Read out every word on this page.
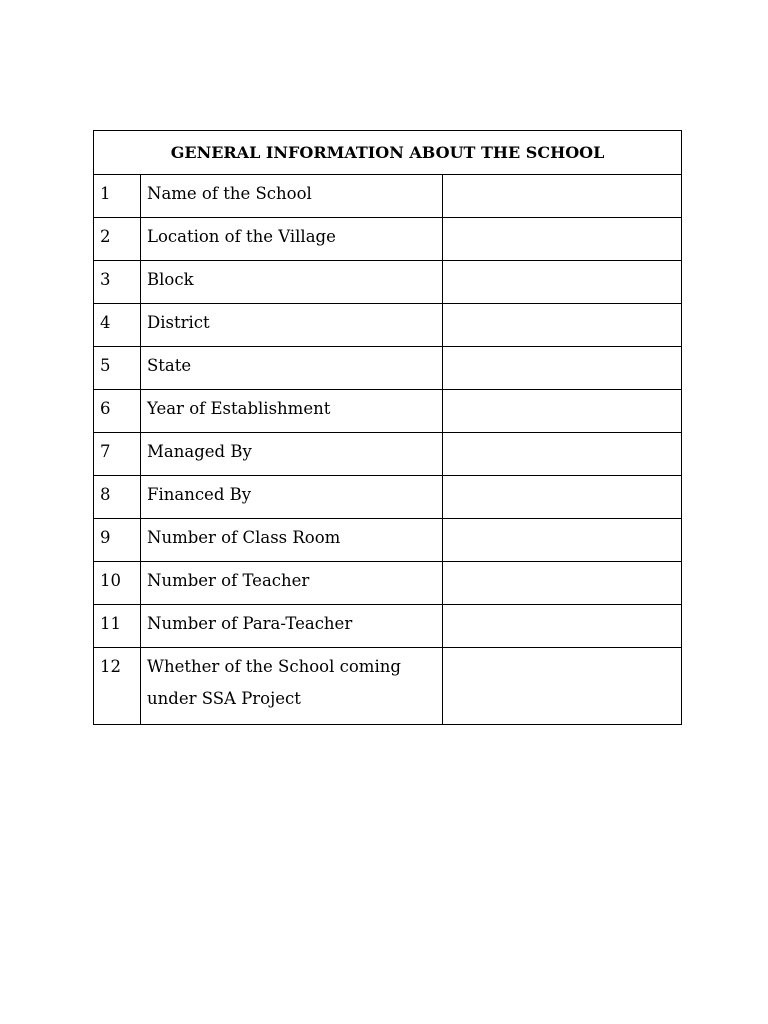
GENERAL INFORMATION ABOUT THE SCHOOL		
1	Name of the School	
2	Location of the Village	
3	Block	
4	District	
5	State	
6	Year of Establishment	
7	Managed By	
8	Financed By	
9	Number of Class Room	
10	Number of Teacher	
11	Number of Para-Teacher	
12	Whether of the School coming under SSA Project	
